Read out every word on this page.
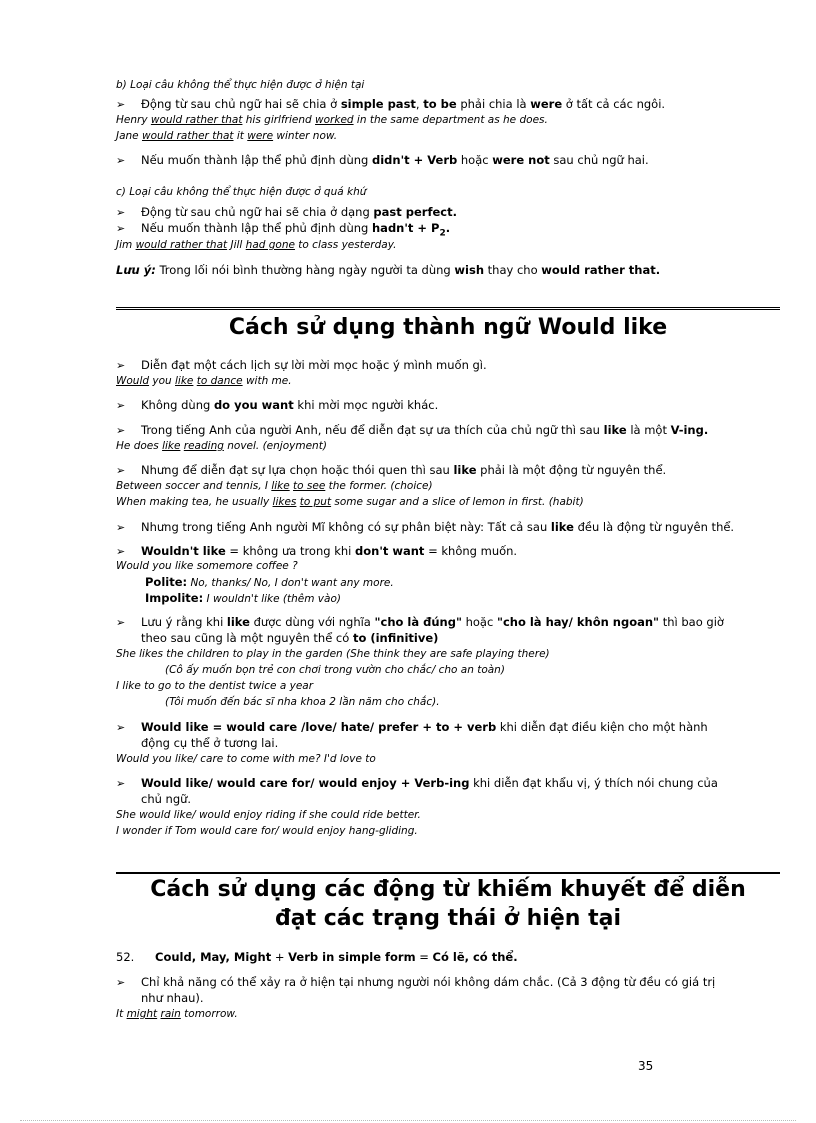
b) Loại câu không thể thực hiện được ở hiện tại
➢ Động từ sau chủ ngữ hai sẽ chia ở simple past, to be phải chia là were ở tất cả các ngôi.
Henry would rather that his girlfriend worked in the same department as he does.
Jane would rather that it were winter now.
➢ Nếu muốn thành lập thể phủ định dùng didn't + Verb hoặc were not sau chủ ngữ hai.
c) Loại câu không thể thực hiện được ở quá khứ
➢ Động từ sau chủ ngữ hai sẽ chia ở dạng past perfect.
➢ Nếu muốn thành lập thể phủ định dùng hadn't + $P_2$.
Jim would rather that Jill had gone to class yesterday.
Lưu ý: Trong lối nói bình thường hàng ngày người ta dùng wish thay cho would rather that.
Cách sử dụng thành ngữ Would like
➢ Diễn đạt một cách lịch sự lời mời mọc hoặc ý mình muốn gì.
Would you like to dance with me.
➢ Không dùng do you want khi mời mọc người khác.
➢ Trong tiếng Anh của người Anh, nếu để diễn đạt sự ưa thích của chủ ngữ thì sau like là một V-ing.
He does like reading novel. (enjoyment)
➢ Nhưng để diễn đạt sự lựa chọn hoặc thói quen thì sau like phải là một động từ nguyên thể.
Between soccer and tennis, I like to see the former. (choice)
When making tea, he usually likes to put some sugar and a slice of lemon in first. (habit)
➢ Nhưng trong tiếng Anh người Mĩ không có sự phân biệt này: Tất cả sau like đều là động từ nguyên thể.
➢ Wouldn't like = không ưa trong khi don't want = không muốn.
Would you like somemore coffee ?
Polite: No, thanks/ No, I don't want any more.
Impolite: I wouldn't like (thêm vào)
➢ Lưu ý rằng khi like được dùng với nghĩa "cho là đúng" hoặc "cho là hay/ khôn ngoan" thì bao giờ
theo sau cũng là một nguyên thể có to (infinitive)
She likes the children to play in the garden (She think they are safe playing there)
(Cô ấy muốn bọn trẻ con chơi trong vườn cho chắc/ cho an toàn)
I like to go to the dentist twice a year
(Tôi muốn đến bác sĩ nha khoa 2 lần năm cho chắc).
➢ Would like = would care /love/ hate/ prefer + to + verb khi diễn đạt điều kiện cho một hành
động cụ thể ở tương lai.
Would you like/ care to come with me? I'd love to
➢ Would like/ would care for/ would enjoy + Verb-ing khi diễn đạt khẩu vị, ý thích nói chung của
chủ ngữ.
She would like/ would enjoy riding if she could ride better.
I wonder if Tom would care for/ would enjoy hang-gliding.
Cách sử dụng các động từ khiếm khuyết để diễn
đạt các trạng thái ở hiện tại
52. Could, May, Might + Verb in simple form = Có lẽ, có thể.
➢ Chỉ khả năng có thể xảy ra ở hiện tại nhưng người nói không dám chắc. (Cả 3 động từ đều có giá trị
như nhau).
It might rain tomorrow.
35
